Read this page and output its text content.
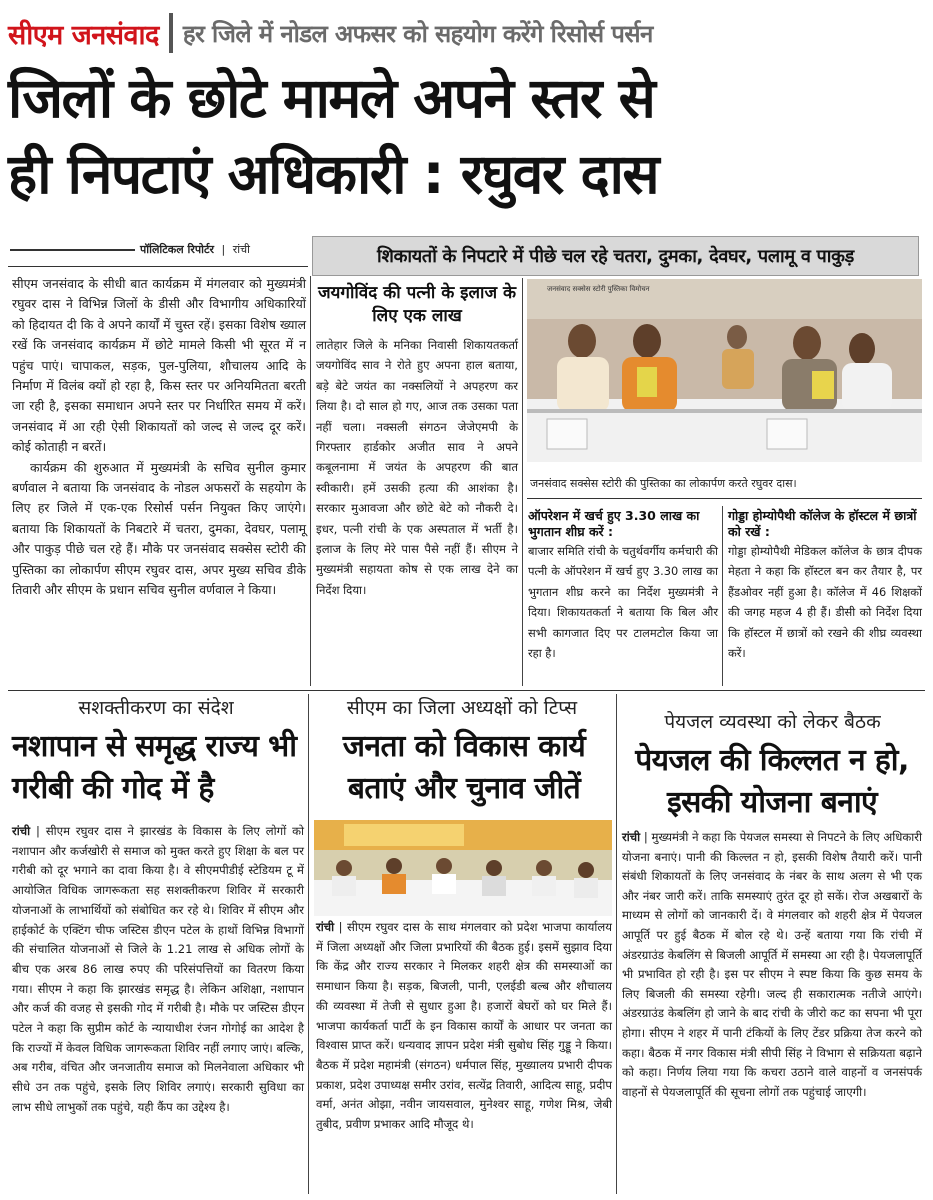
सीएम जनसंवाद हर जिले में नोडल अफसर को सहयोग करेंगे रिसोर्स पर्सन
जिलों के छोटे मामले अपने स्तर से
ही निपटाएं अधिकारी : रघुवर दास
पॉलिटिकल रिपोर्टर | रांची	शिकायतों के निपटारे में पीछे चल रहे चतरा, दुमका, देवघर, पलामू व पाकुड़

सीएम जनसंवाद के सीधी बात कार्यक्रम में मंगलवार को मुख्यमंत्री रघुवर दास ने विभिन्न जिलों के डीसी और विभागीय अधिकारियों को हिदायत दी कि वे अपने कार्यों में चुस्त रहें। इसका विशेष ख्याल रखें कि जनसंवाद कार्यक्रम में छोटे मामले किसी भी सूरत में न पहुंच पाएं। चापाकल, सड़क, पुल-पुलिया, शौचालय आदि के निर्माण में विलंब क्यों हो रहा है, किस स्तर पर अनियमितता बरती जा रही है, इसका समाधान अपने स्तर पर निर्धारित समय में करें। जनसंवाद में आ रही ऐसी शिकायतों को जल्द से जल्द दूर करें। कोई कोताही न बरतें।

कार्यक्रम की शुरुआत में मुख्यमंत्री के सचिव सुनील कुमार बर्णवाल ने बताया कि जनसंवाद के नोडल अफसरों के सहयोग के लिए हर जिले में एक-एक रिसोर्स पर्सन नियुक्त किए जाएंगे। बताया कि शिकायतों के निबटारे में चतरा, दुमका, देवघर, पलामू और पाकुड़ पीछे चल रहे हैं। मौके पर जनसंवाद सक्सेस स्टोरी की पुस्तिका का लोकार्पण सीएम रघुवर दास, अपर मुख्य सचिव डीके तिवारी और सीएम के प्रधान सचिव सुनील वर्णवाल ने किया।

जयगोविंद की पत्नी के इलाज के लिए एक लाख
लातेहार जिले के मनिका निवासी शिकायतकर्ता जयगोविंद साव ने रोते हुए अपना हाल बताया, बड़े बेटे जयंत का नक्सलियों ने अपहरण कर लिया है। दो साल हो गए, आज तक उसका पता नहीं चला। नक्सली संगठन जेजेएमपी के गिरफ्तार हार्डकोर अजीत साव ने अपने कबूलनामा में जयंत के अपहरण की बात स्वीकारी। हमें उसकी हत्या की आशंका है। सरकार मुआवजा और छोटे बेटे को नौकरी दे। इधर, पत्नी रांची के एक अस्पताल में भर्ती है। इलाज के लिए मेरे पास पैसे नहीं हैं। सीएम ने मुख्यमंत्री सहायता कोष से एक लाख देने का निर्देश दिया।
जनसंवाद सक्सेस स्टोरी पुस्तिका विमोचन
जनसंवाद सक्सेस स्टोरी की पुस्तिका का लोकार्पण करते रघुवर दास।
ऑपरेशन में खर्च हुए 3.30 लाख का भुगतान शीघ्र करें :
बाजार समिति रांची के चतुर्थवर्गीय कर्मचारी की पत्नी के ऑपरेशन में खर्च हुए 3.30 लाख का भुगतान शीघ्र करने का निर्देश मुख्यमंत्री ने दिया। शिकायतकर्ता ने बताया कि बिल और सभी कागजात दिए पर टालमटोल किया जा रहा है।
गोड्डा होम्योपैथी कॉलेज के हॉस्टल में छात्रों को रखें :
गोड्डा होम्योपैथी मेडिकल कॉलेज के छात्र दीपक मेहता ने कहा कि हॉस्टल बन कर तैयार है, पर हैंडओवर नहीं हुआ है। कॉलेज में 46 शिक्षकों की जगह महज 4 ही हैं। डीसी को निर्देश दिया कि हॉस्टल में छात्रों को रखने की शीघ्र व्यवस्था करें।
सशक्तीकरण का संदेश
नशापान से समृद्ध राज्य भी गरीबी की गोद में है
रांची | सीएम रघुवर दास ने झारखंड के विकास के लिए लोगों को नशापान और कर्जखोरी से समाज को मुक्त करते हुए शिक्षा के बल पर गरीबी को दूर भगाने का दावा किया है। वे सीएमपीडीई स्टेडियम टू में आयोजित विधिक जागरूकता सह सशक्तीकरण शिविर में सरकारी योजनाओं के लाभार्थियों को संबोधित कर रहे थे। शिविर में सीएम और हाईकोर्ट के एक्टिंग चीफ जस्टिस डीएन पटेल के हाथों विभिन्न विभागों की संचालित योजनाओं से जिले के 1.21 लाख से अधिक लोगों के बीच एक अरब 86 लाख रुपए की परिसंपत्तियों का वितरण किया गया। सीएम ने कहा कि झारखंड समृद्ध है। लेकिन अशिक्षा, नशापान और कर्ज की वजह से इसकी गोद में गरीबी है। मौके पर जस्टिस डीएन पटेल ने कहा कि सुप्रीम कोर्ट के न्यायाधीश रंजन गोगोई का आदेश है कि राज्यों में केवल विधिक जागरूकता शिविर नहीं लगाए जाएं। बल्कि, अब गरीब, वंचित और जनजातीय समाज को मिलनेवाला अधिकार भी सीधे उन तक पहुंचे, इसके लिए शिविर लगाएं। सरकारी सुविधा का लाभ सीधे लाभुकों तक पहुंचे, यही कैंप का उद्देश्य है।
सीएम का जिला अध्यक्षों को टिप्स
जनता को विकास कार्य बताएं और चुनाव जीतें
रांची | सीएम रघुवर दास के साथ मंगलवार को प्रदेश भाजपा कार्यालय में जिला अध्यक्षों और जिला प्रभारियों की बैठक हुई। इसमें सुझाव दिया कि केंद्र और राज्य सरकार ने मिलकर शहरी क्षेत्र की समस्याओं का समाधान किया है। सड़क, बिजली, पानी, एलईडी बल्ब और शौचालय की व्यवस्था में तेजी से सुधार हुआ है। हजारों बेघरों को घर मिले हैं। भाजपा कार्यकर्ता पार्टी के इन विकास कार्यों के आधार पर जनता का विश्वास प्राप्त करें। धन्यवाद ज्ञापन प्रदेश मंत्री सुबोध सिंह गुड्डू ने किया। बैठक में प्रदेश महामंत्री (संगठन) धर्मपाल सिंह, मुख्यालय प्रभारी दीपक प्रकाश, प्रदेश उपाध्यक्ष समीर उरांव, सत्येंद्र तिवारी, आदित्य साहू, प्रदीप वर्मा, अनंत ओझा, नवीन जायसवाल, मुनेश्वर साहू, गणेश मिश्र, जेबी तुबीद, प्रवीण प्रभाकर आदि मौजूद थे।
पेयजल व्यवस्था को लेकर बैठक
पेयजल की किल्लत न हो, इसकी योजना बनाएं
रांची | मुख्यमंत्री ने कहा कि पेयजल समस्या से निपटने के लिए अधिकारी योजना बनाएं। पानी की किल्लत न हो, इसकी विशेष तैयारी करें। पानी संबंधी शिकायतों के लिए जनसंवाद के नंबर के साथ अलग से भी एक और नंबर जारी करें। ताकि समस्याएं तुरंत दूर हो सकें। रोज अखबारों के माध्यम से लोगों को जानकारी दें। वे मंगलवार को शहरी क्षेत्र में पेयजल आपूर्ति पर हुई बैठक में बोल रहे थे। उन्हें बताया गया कि रांची में अंडरग्राउंड केबलिंग से बिजली आपूर्ति में समस्या आ रही है। पेयजलापूर्ति भी प्रभावित हो रही है। इस पर सीएम ने स्पष्ट किया कि कुछ समय के लिए बिजली की समस्या रहेगी। जल्द ही सकारात्मक नतीजे आएंगे। अंडरग्राउंड केबलिंग हो जाने के बाद रांची के जीरो कट का सपना भी पूरा होगा। सीएम ने शहर में पानी टंकियों के लिए टेंडर प्रक्रिया तेज करने को कहा। बैठक में नगर विकास मंत्री सीपी सिंह ने विभाग से सक्रियता बढ़ाने को कहा। निर्णय लिया गया कि कचरा उठाने वाले वाहनों व जनसंपर्क वाहनों से पेयजलापूर्ति की सूचना लोगों तक पहुंचाई जाएगी।
